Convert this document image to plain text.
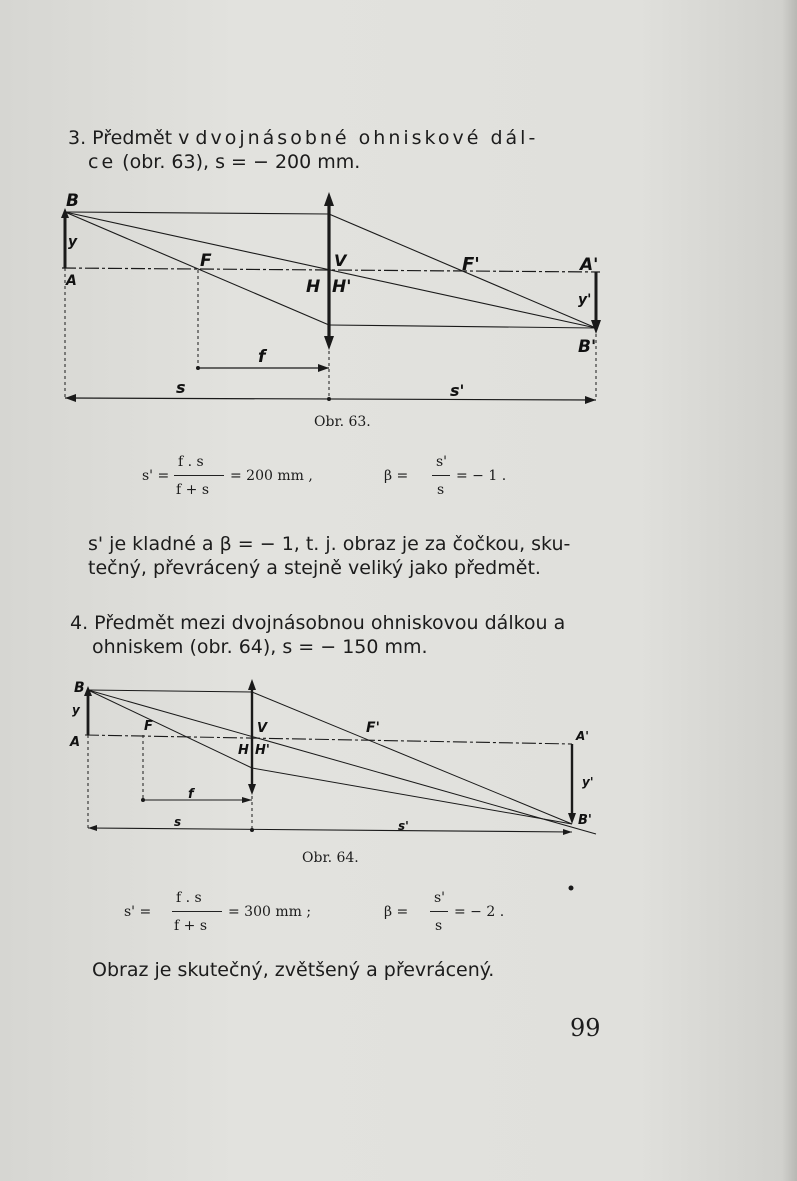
3. Předmět v dvojnásobné ohniskové dál-
ce (obr. 63), s = − 200 mm.
B
y
A
F	V
H H'
F'	A'
y'
B'
f
s	s'
B
y
A
F	V
H H'
F'	A'
y'
B'
f
s	s'
Obr. 63.
s' =
f . s
f + s
= 200 mm ,	β =
s'
s
= − 1 .
s' je kladné a β = − 1, t. j. obraz je za čočkou, sku-
tečný, převrácený a stejně veliký jako předmět.
4. Předmět mezi dvojnásobnou ohniskovou dálkou a
ohniskem (obr. 64), s = − 150 mm.
Obr. 64.
s' =
f . s
f + s
= 300 mm ;	β =
s'
s
= − 2 .
Obraz je skutečný, zvětšený a převrácený.
99
